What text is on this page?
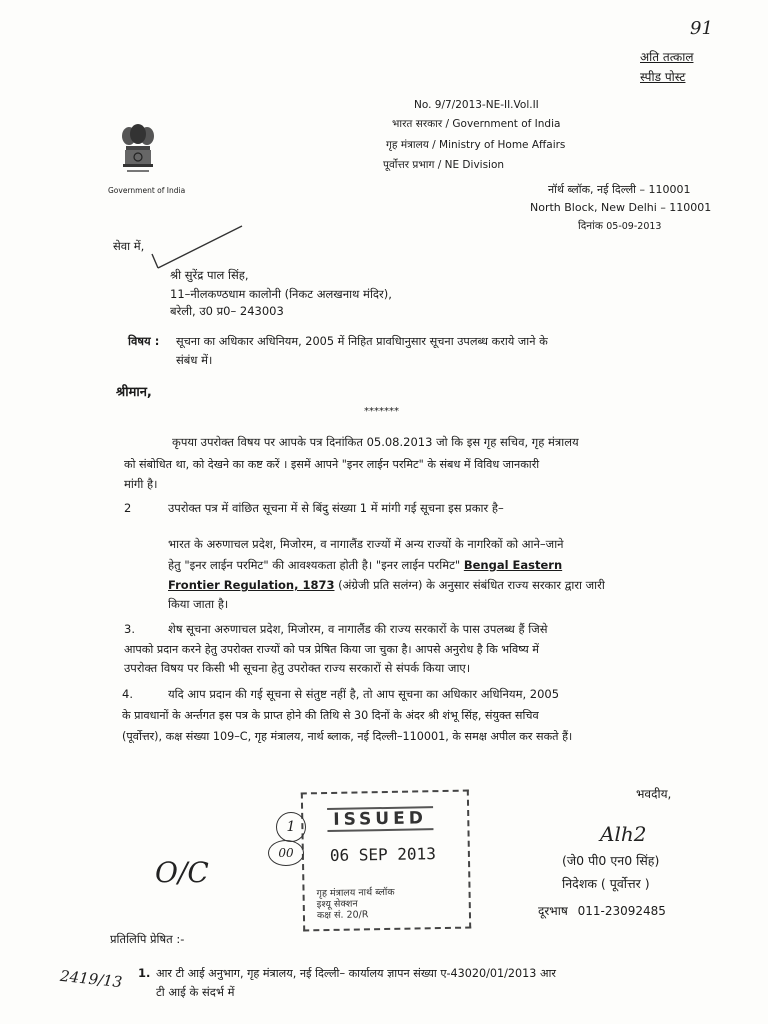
91
अति तत्काल
स्पीड पोस्ट
Government of India
No. 9/7/2013-NE-II.Vol.II
भारत सरकार / Government of India
गृह मंत्रालय / Ministry of Home Affairs
पूर्वोत्तर प्रभाग / NE Division
नॉर्थ ब्लॉक, नई दिल्ली – 110001
North Block, New Delhi – 110001
दिनांक 05-09-2013
सेवा में,
श्री सुरेंद्र पाल सिंह,
11–नीलकण्ठधाम कालोनी (निकट अलखनाथ मंदिर),
बरेली, उ0 प्र0– 243003
विषय : सूचना का अधिकार अधिनियम, 2005 में निहित प्रावधिानुसार सूचना उपलब्ध कराये जाने के
संबंध में।
श्रीमान,
*******
कृपया उपरोक्त विषय पर आपके पत्र दिनांकित 05.08.2013 जो कि इस गृह सचिव, गृह मंत्रालय
को संबोधित था, को देखने का कष्ट करें । इसमें आपने "इनर लाईन परमिट" के संबध में विविध जानकारी
मांगी है।
2	उपरोक्त पत्र में वांछित सूचना में से बिंदु संख्या 1 में मांगी गई सूचना इस प्रकार है–
भारत के अरुणाचल प्रदेश, मिजोरम, व नागालैंड राज्यों में अन्य राज्यों के नागरिकों को आने–जाने
हेतु "इनर लाईन परमिट" की आवश्यकता होती है। "इनर लाईन परमिट" Bengal Eastern
Frontier Regulation, 1873 (अंग्रेजी प्रति सलंग्न) के अनुसार संबंधित राज्य सरकार द्वारा जारी
किया जाता है।
3.	शेष सूचना अरुणाचल प्रदेश, मिजोरम, व नागालैंड की राज्य सरकारों के पास उपलब्ध हैं जिसे
आपको प्रदान करने हेतु उपरोक्त राज्यों को पत्र प्रेषित किया जा चुका है। आपसे अनुरोध है कि भविष्य में
उपरोक्त विषय पर किसी भी सूचना हेतु उपरोक्त राज्य सरकारों से संपर्क किया जाए।
4.	यदि आप प्रदान की गई सूचना से संतुष्ट नहीं है, तो आप सूचना का अधिकार अधिनियम, 2005
के प्रावधानों के अर्न्तगत इस पत्र के प्राप्त होने की तिथि से 30 दिनों के अंदर श्री शंभू सिंह, संयुक्त सचिव
(पूर्वोत्तर), कक्ष संख्या 109–C, गृह मंत्रालय, नार्थ ब्लाक, नई दिल्ली–110001, के समक्ष अपील कर सकते हैं।
भवदीय,
Alh2
(जे0 पी0 एन0 सिंह)
निदेशक ( पूर्वोत्तर )
दूरभाष 011-23092485
ISSUED
06 SEP 2013
गृह मंत्रालय नार्थ ब्लॉक
इश्यू सेक्शन
कक्ष सं. 20/R
1
00
O/C
2419/13
प्रतिलिपि प्रेषित :-
1. आर टी आई अनुभाग, गृह मंत्रालय, नई दिल्ली– कार्यालय ज्ञापन संख्या ए-43020/01/2013 आर
टी आई के संदर्भ में
